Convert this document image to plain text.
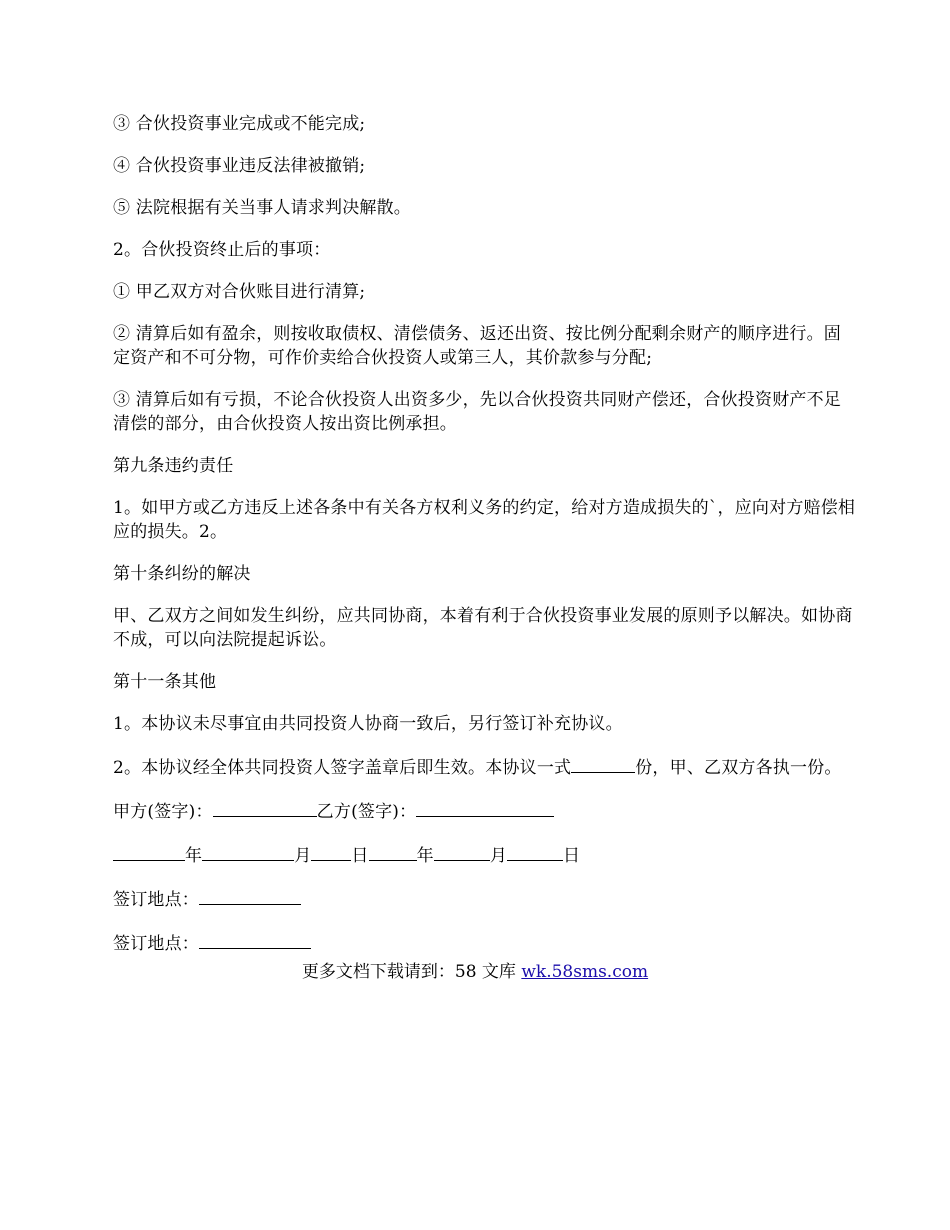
③ 合伙投资事业完成或不能完成;

④ 合伙投资事业违反法律被撤销;

⑤ 法院根据有关当事人请求判决解散。

2。合伙投资终止后的事项：

① 甲乙双方对合伙账目进行清算;

② 清算后如有盈余，则按收取债权、清偿债务、返还出资、按比例分配剩余财产的顺序进行。固定资产和不可分物，可作价卖给合伙投资人或第三人，其价款参与分配;

③ 清算后如有亏损，不论合伙投资人出资多少，先以合伙投资共同财产偿还，合伙投资财产不足清偿的部分，由合伙投资人按出资比例承担。

第九条违约责任

1。如甲方或乙方违反上述各条中有关各方权利义务的约定，给对方造成损失的`，应向对方赔偿相应的损失。2。

第十条纠纷的解决

甲、乙双方之间如发生纠纷，应共同协商，本着有利于合伙投资事业发展的原则予以解决。如协商不成，可以向法院提起诉讼。

第十一条其他

1。本协议未尽事宜由共同投资人协商一致后，另行签订补充协议。

2。本协议经全体共同投资人签字盖章后即生效。本协议一式	份，甲、乙双方各执一份。

甲方(签字)：	乙方(签字)：

年	月 日	年	月	日

签订地点：

签订地点：

更多文档下载请到：58 文库 wk.58sms.com
